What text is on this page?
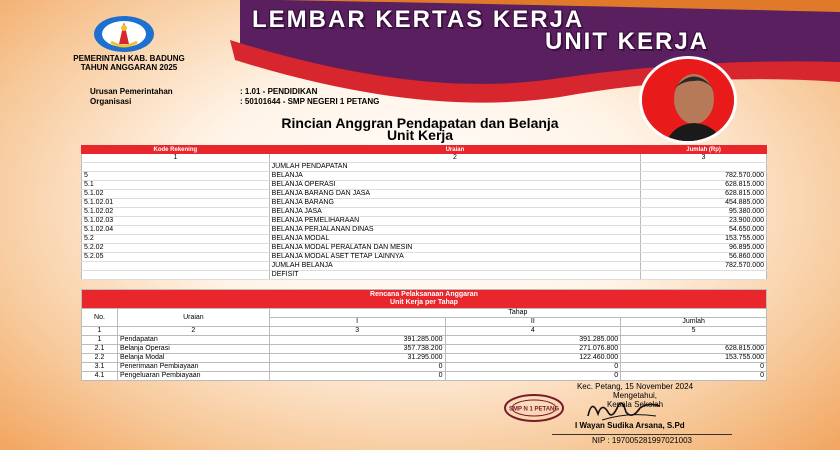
PEMERINTAH KAB. BADUNG
TAHUN ANGGARAN 2025
LEMBAR KERTAS KERJA
UNIT KERJA
Urusan Pemerintahan	: 1.01 - PENDIDIKAN
Organisasi	: 50101644 - SMP NEGERI 1 PETANG
Rincian Anggran Pendapatan dan Belanja
Unit Kerja
Kode Rekening	Uraian	Jumlah (Rp)
1	2	3
	JUMLAH PENDAPATAN	
5	BELANJA	782.570.000
5.1	BELANJA OPERASI	628.815.000
5.1.02	BELANJA BARANG DAN JASA	628.815.000
5.1.02.01	BELANJA BARANG	454.885.000
5.1.02.02	BELANJA JASA	95.380.000
5.1.02.03	BELANJA PEMELIHARAAN	23.900.000
5.1.02.04	BELANJA PERJALANAN DINAS	54.650.000
5.2	BELANJA MODAL	153.755.000
5.2.02	BELANJA MODAL PERALATAN DAN MESIN	96.895.000
5.2.05	BELANJA MODAL ASET TETAP LAINNYA	56.860.000
	JUMLAH BELANJA	782.570.000
	DEFISIT	
Rencana Pelaksanaan Anggaran
Unit Kerja per Tahap				

No.	Uraian	Tahap		
		I	II	Jumlah
1	2	3	4	5
1	Pendapatan	391.285.000	391.285.000	
2.1	Belanja Operasi	357.738.200	271.076.800	628.815.000
2.2	Belanja Modal	31.295.000	122.460.000	153.755.000
3.1	Penerimaan Pembiayaan	0	0	0
4.1	Pengeluaran Pembiayaan	0	0	0
Kec. Petang, 15 November 2024
Mengetahui,
Kepala Sekolah
SMP N 1 PETANG
I Wayan Sudika Arsana, S.Pd
NIP : 197005281997021003
